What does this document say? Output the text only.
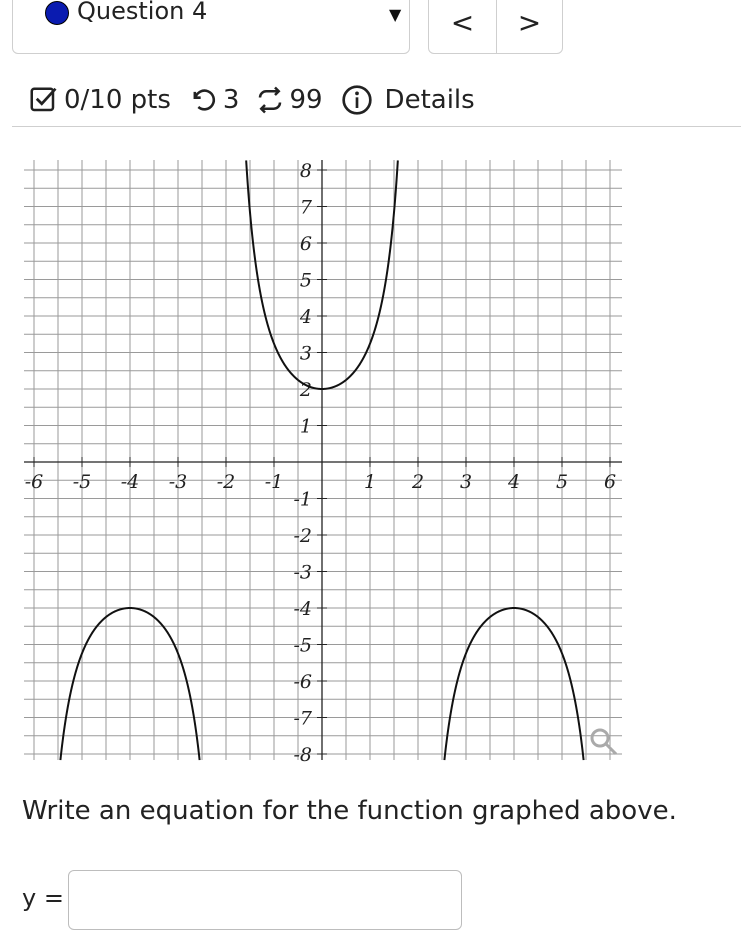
Question 4	▼	<	>
0/10 pts 3 99 Details
-6 -5 -4 -3 -2 -1	1 2 3 4 5 6
8
7
6
5
4
3
2
1
-1
-2
-3
-4
-5
-6
-7
-8
Write an equation for the function graphed above.
y =
